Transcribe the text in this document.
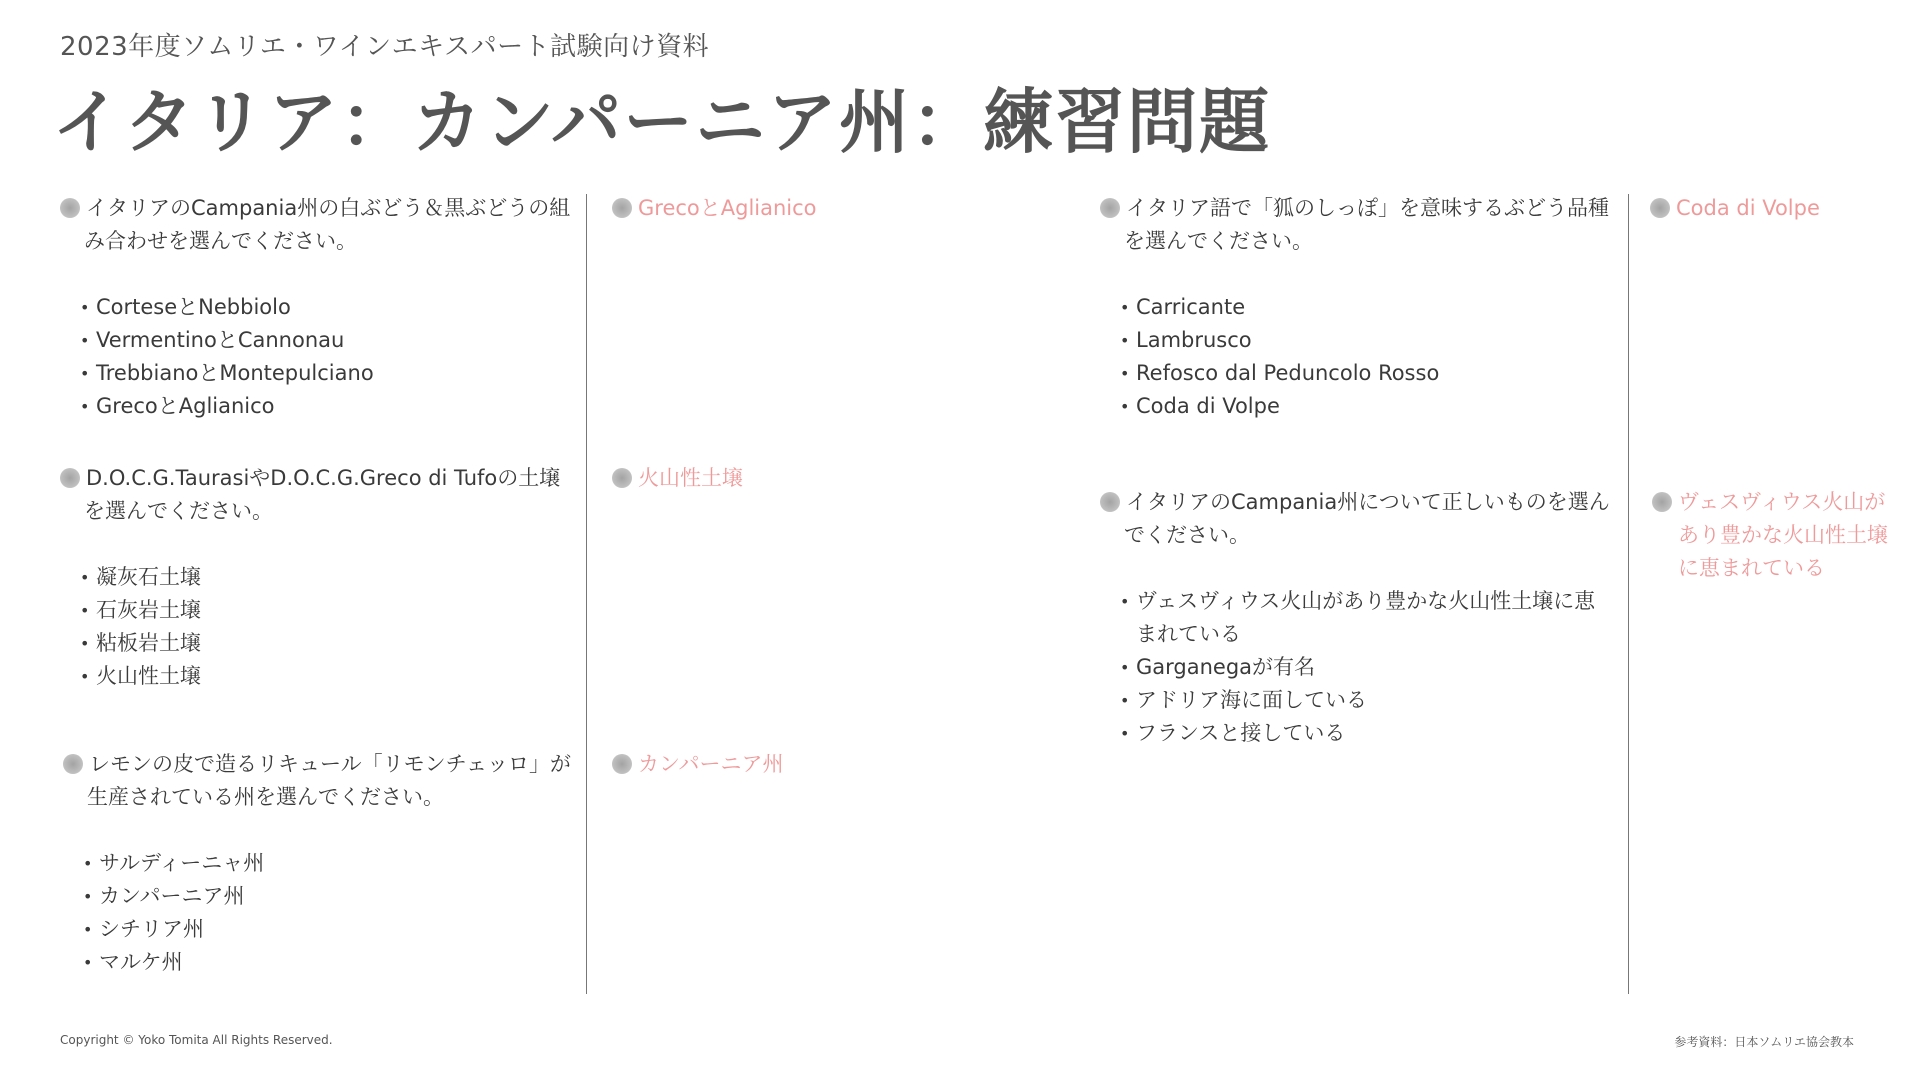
2023年度ソムリエ・ワインエキスパート試験向け資料
イタリア：カンパーニア州：練習問題
イタリアのCampania州の白ぶどう＆黒ぶどうの組み合わせを選んでください。
• CorteseとNebbiolo
• VermentinoとCannonau
• TrebbianoとMontepulciano
• GrecoとAglianico
GrecoとAglianico
D.O.C.G.TaurasiやD.O.C.G.Greco di Tufoの土壌を選んでください。
• 凝灰石土壌
• 石灰岩土壌
• 粘板岩土壌
• 火山性土壌
火山性土壌
レモンの皮で造るリキュール「リモンチェッロ」が生産されている州を選んでください。
• サルディーニャ州
• カンパーニア州
• シチリア州
• マルケ州
カンパーニア州
イタリア語で「狐のしっぽ」を意味するぶどう品種を選んでください。
• Carricante
• Lambrusco
• Refosco dal Peduncolo Rosso
• Coda di Volpe
Coda di Volpe
イタリアのCampania州について正しいものを選んでください。
• ヴェスヴィウス火山があり豊かな火山性土壌に恵まれている
• Garganegaが有名
• アドリア海に面している
• フランスと接している
ヴェスヴィウス火山があり豊かな火山性土壌に恵まれている
Copyright © Yoko Tomita All Rights Reserved.	参考資料：日本ソムリエ協会教本
